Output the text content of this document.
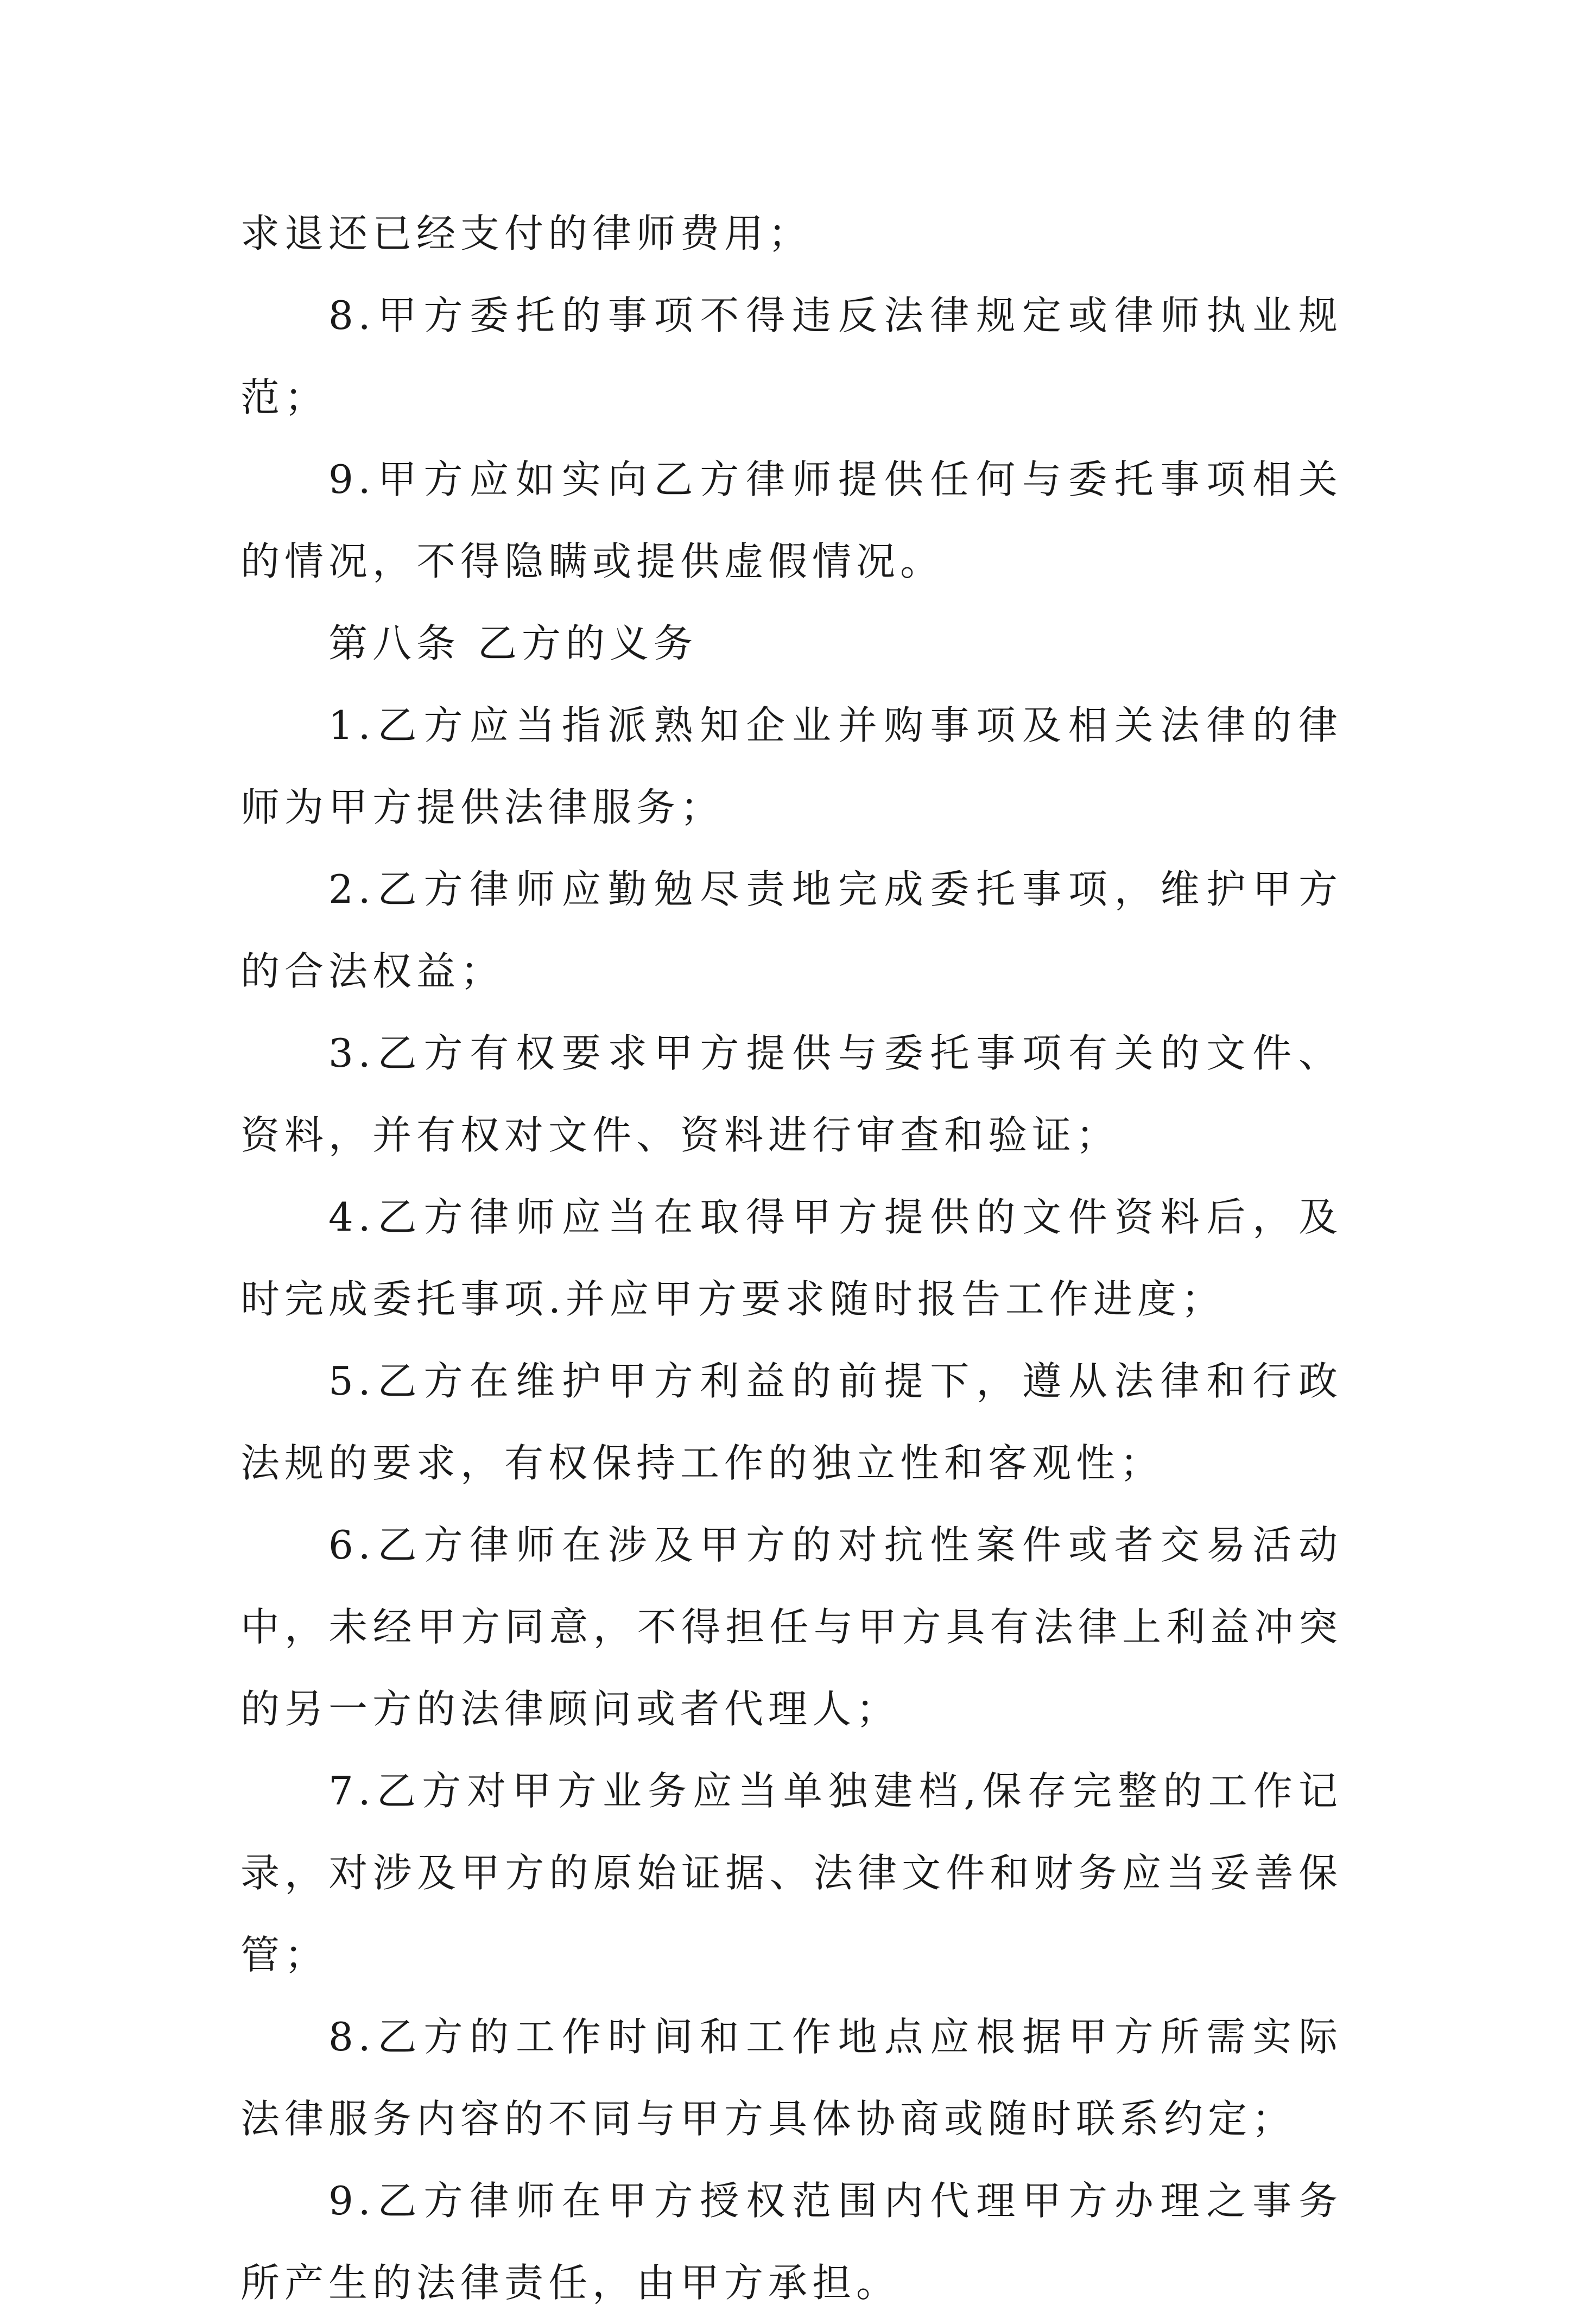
求退还已经支付的律师费用；

8.甲方委托的事项不得违反法律规定或律师执业规范；

9.甲方应如实向乙方律师提供任何与委托事项相关的情况，不得隐瞒或提供虚假情况。

第八条 乙方的义务

1.乙方应当指派熟知企业并购事项及相关法律的律师为甲方提供法律服务；

2.乙方律师应勤勉尽责地完成委托事项，维护甲方的合法权益；

3.乙方有权要求甲方提供与委托事项有关的文件、资料，并有权对文件、资料进行审查和验证；

4.乙方律师应当在取得甲方提供的文件资料后，及时完成委托事项.并应甲方要求随时报告工作进度；

5.乙方在维护甲方利益的前提下，遵从法律和行政法规的要求，有权保持工作的独立性和客观性；

6.乙方律师在涉及甲方的对抗性案件或者交易活动中，未经甲方同意，不得担任与甲方具有法律上利益冲突的另一方的法律顾问或者代理人；

7.乙方对甲方业务应当单独建档,保存完整的工作记录，对涉及甲方的原始证据、法律文件和财务应当妥善保管；

8.乙方的工作时间和工作地点应根据甲方所需实际法律服务内容的不同与甲方具体协商或随时联系约定；

9.乙方律师在甲方授权范围内代理甲方办理之事务所产生的法律责任，由甲方承担。
